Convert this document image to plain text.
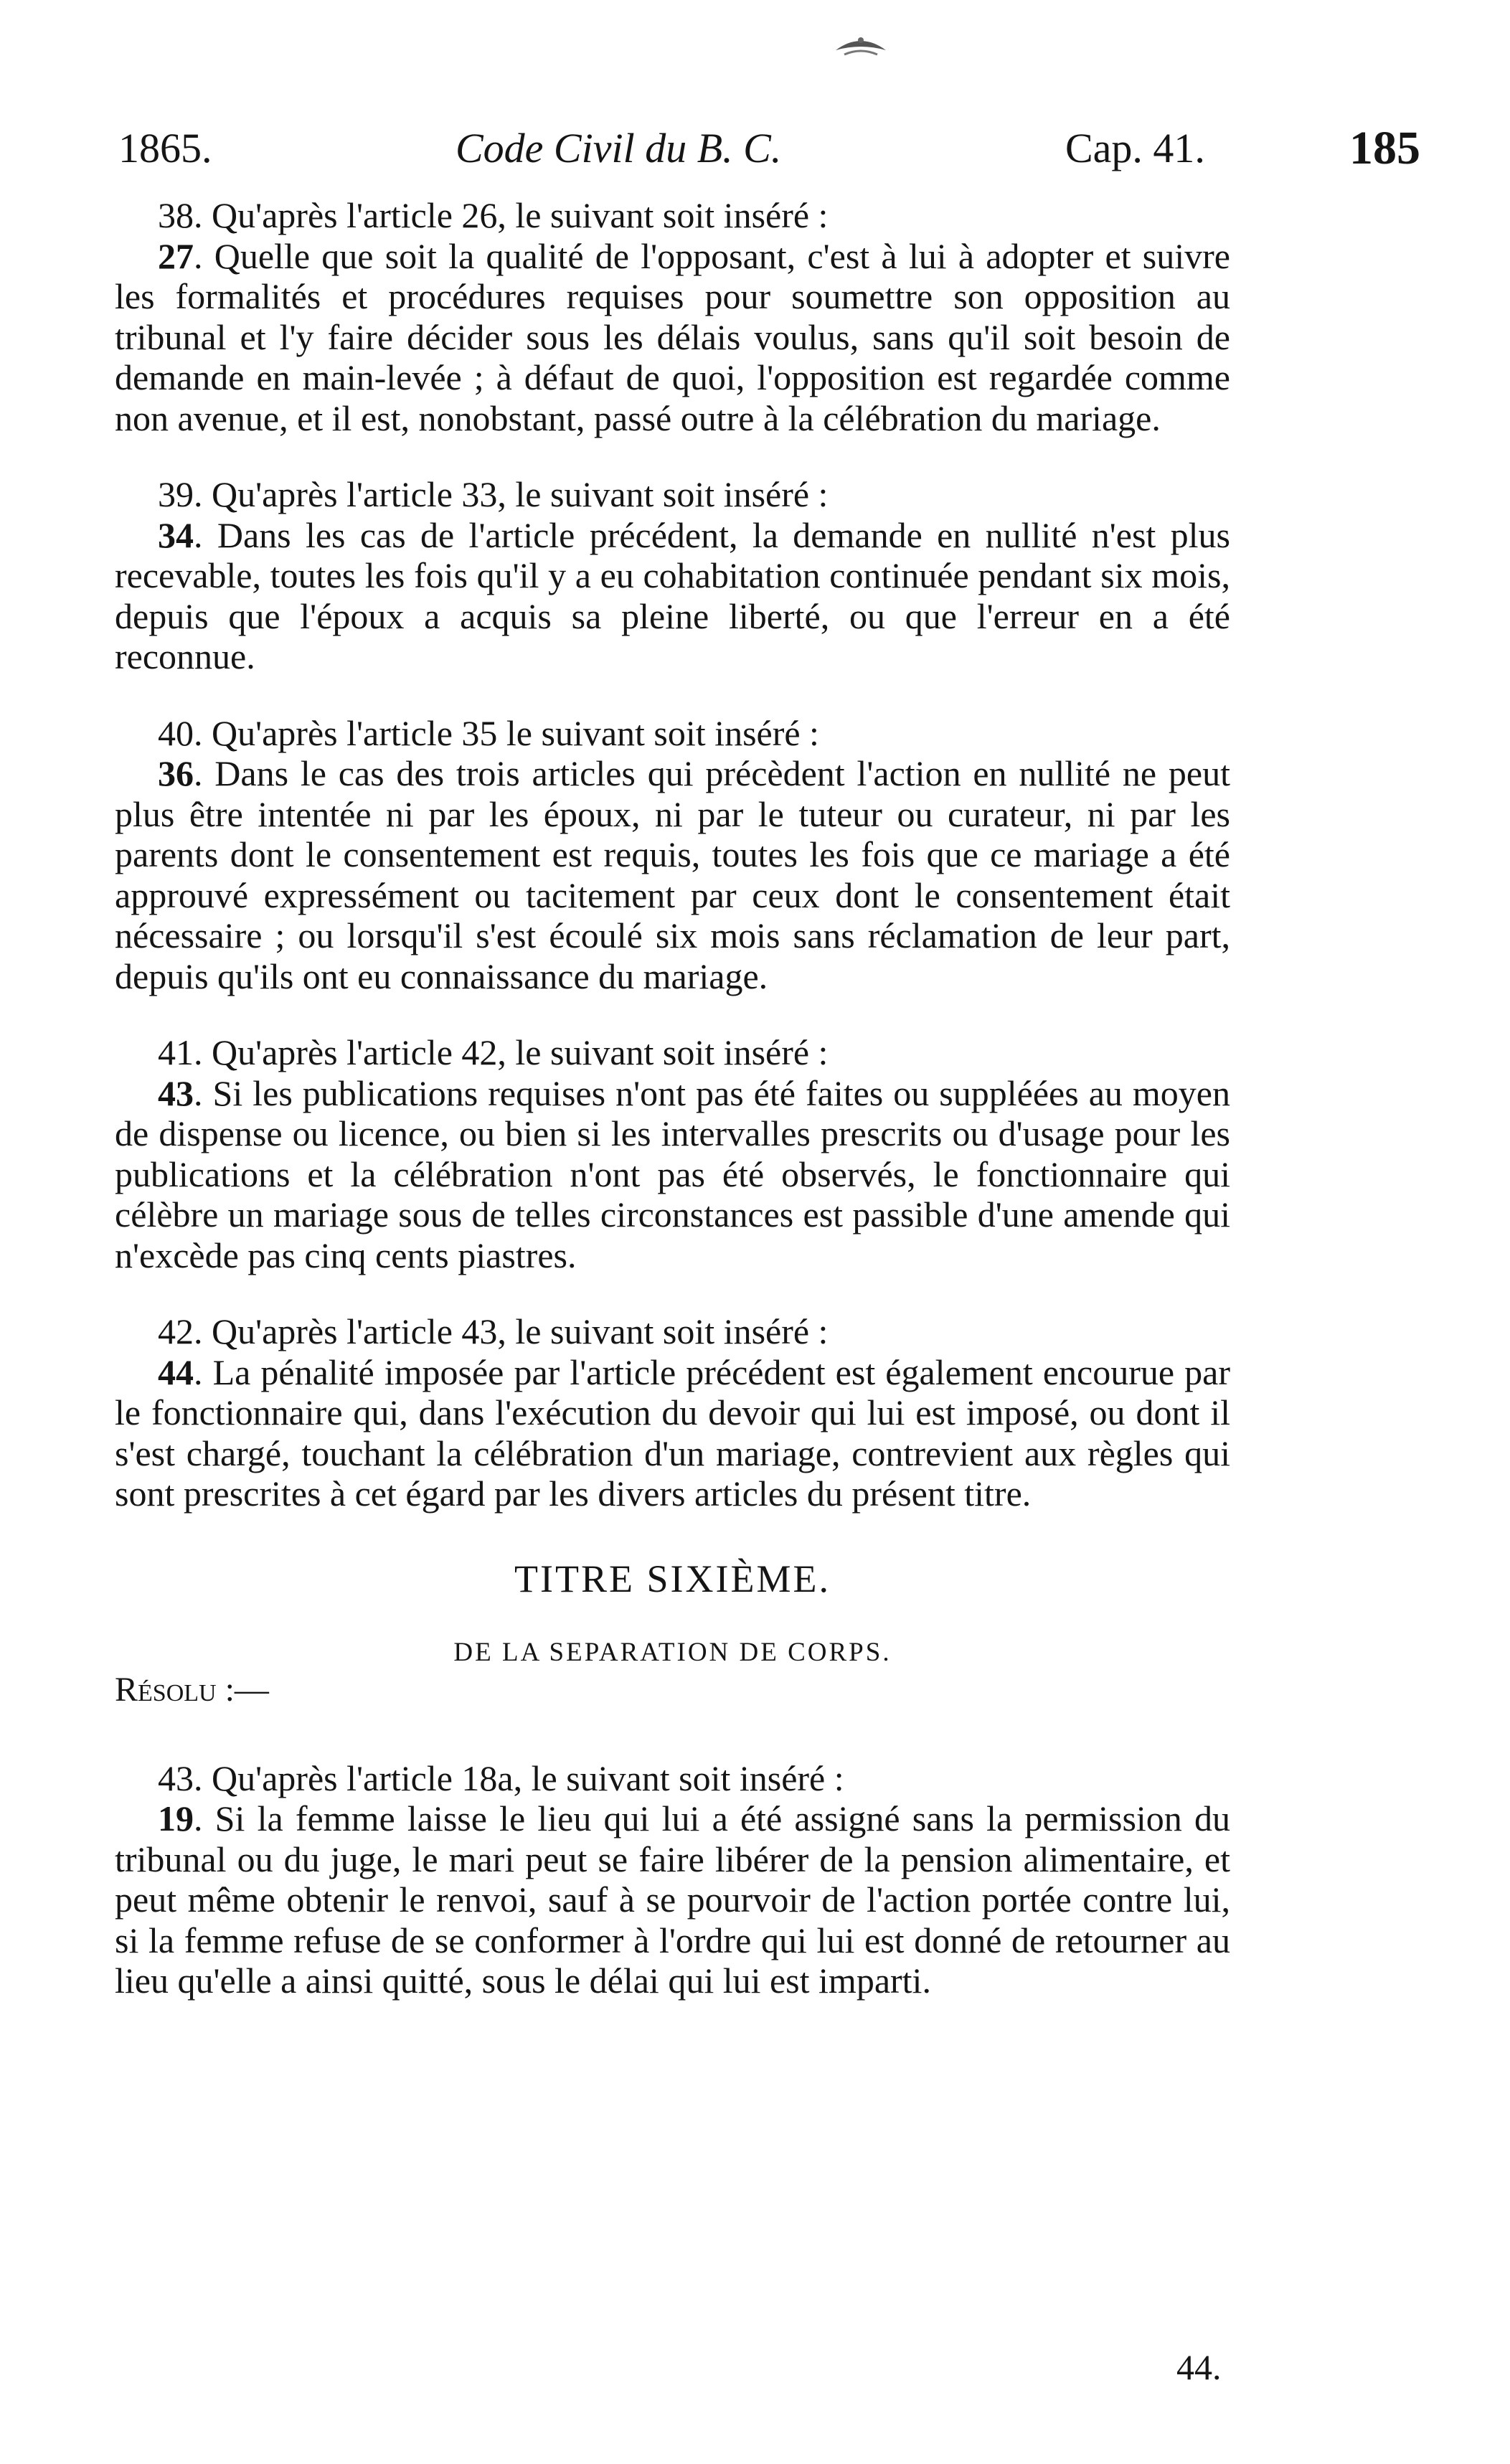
1865.	Code Civil du B. C.	Cap. 41.	185
38. Qu'après l'article 26, le suivant soit inséré :
27. Quelle que soit la qualité de l'opposant, c'est à lui à adopter et suivre les formalités et procédures requises pour soumettre son opposition au tribunal et l'y faire décider sous les délais voulus, sans qu'il soit besoin de demande en main-levée ; à défaut de quoi, l'opposition est regardée comme non avenue, et il est, nonobstant, passé outre à la célébration du mariage.
39. Qu'après l'article 33, le suivant soit inséré :
34. Dans les cas de l'article précédent, la demande en nullité n'est plus recevable, toutes les fois qu'il y a eu cohabitation continuée pendant six mois, depuis que l'époux a acquis sa pleine liberté, ou que l'erreur en a été reconnue.
40. Qu'après l'article 35 le suivant soit inséré :
36. Dans le cas des trois articles qui précèdent l'action en nullité ne peut plus être intentée ni par les époux, ni par le tuteur ou curateur, ni par les parents dont le consentement est requis, toutes les fois que ce mariage a été approuvé expressément ou tacitement par ceux dont le consentement était nécessaire ; ou lorsqu'il s'est écoulé six mois sans réclamation de leur part, depuis qu'ils ont eu connaissance du mariage.
41. Qu'après l'article 42, le suivant soit inséré :
43. Si les publications requises n'ont pas été faites ou suppléées au moyen de dispense ou licence, ou bien si les intervalles prescrits ou d'usage pour les publications et la célébration n'ont pas été observés, le fonctionnaire qui célèbre un mariage sous de telles circonstances est passible d'une amende qui n'excède pas cinq cents piastres.
42. Qu'après l'article 43, le suivant soit inséré :
44. La pénalité imposée par l'article précédent est également encourue par le fonctionnaire qui, dans l'exécution du devoir qui lui est imposé, ou dont il s'est chargé, touchant la célébration d'un mariage, contrevient aux règles qui sont prescrites à cet égard par les divers articles du présent titre.
TITRE SIXIÈME.
DE LA SEPARATION DE CORPS.
Résolu :—
43. Qu'après l'article 18a, le suivant soit inséré :
19. Si la femme laisse le lieu qui lui a été assigné sans la permission du tribunal ou du juge, le mari peut se faire libérer de la pension alimentaire, et peut même obtenir le renvoi, sauf à se pourvoir de l'action portée contre lui, si la femme refuse de se conformer à l'ordre qui lui est donné de retourner au lieu qu'elle a ainsi quitté, sous le délai qui lui est imparti.
44.
